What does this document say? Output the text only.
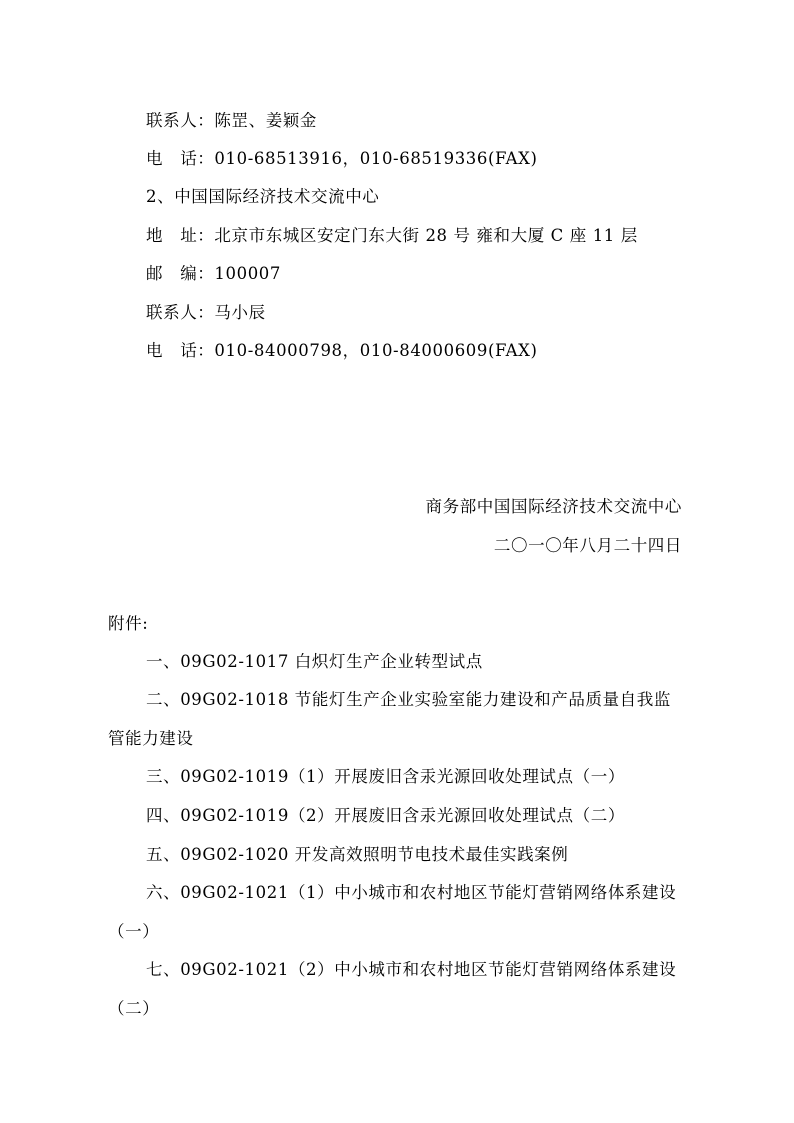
联系人：陈罡、姜颖金
电　话：010-68513916，010-68519336(FAX)
2、中国国际经济技术交流中心
地　址：北京市东城区安定门东大街 28 号 雍和大厦 C 座 11 层
邮　编：100007
联系人：马小辰
电　话：010-84000798，010-84000609(FAX)
商务部中国国际经济技术交流中心
二〇一〇年八月二十四日
附件:
一、09G02-1017 白炽灯生产企业转型试点
二、09G02-1018 节能灯生产企业实验室能力建设和产品质量自我监
管能力建设
三、09G02-1019（1）开展废旧含汞光源回收处理试点（一）
四、09G02-1019（2）开展废旧含汞光源回收处理试点（二）
五、09G02-1020 开发高效照明节电技术最佳实践案例
六、09G02-1021（1）中小城市和农村地区节能灯营销网络体系建设
（一）
七、09G02-1021（2）中小城市和农村地区节能灯营销网络体系建设
（二）
